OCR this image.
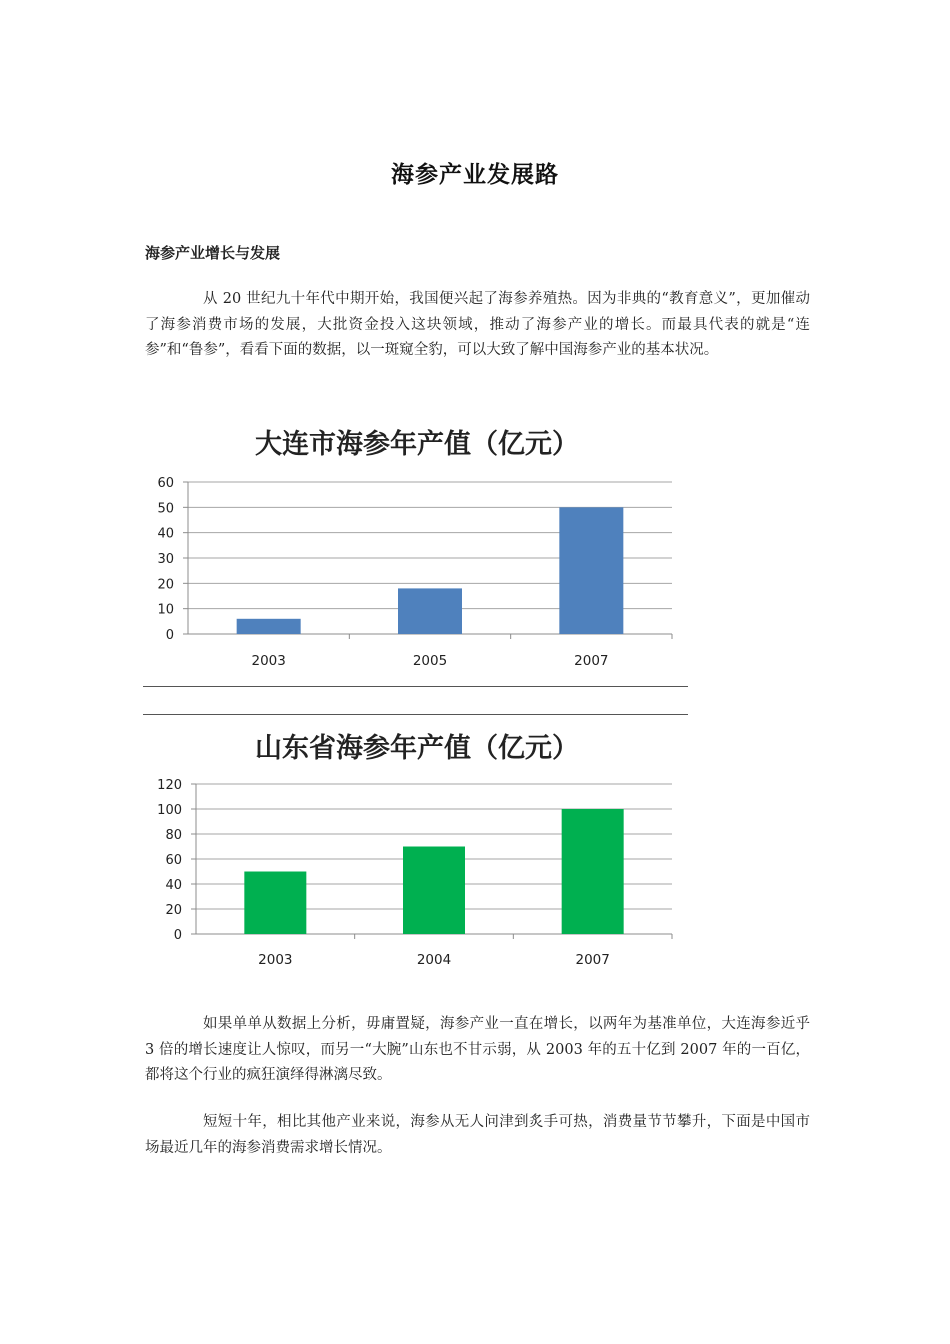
海参产业发展路
海参产业增长与发展

从 20 世纪九十年代中期开始，我国便兴起了海参养殖热。因为非典的“教育意义”，更加催动了海参消费市场的发展，大批资金投入这块领域，推动了海参产业的增长。而最具代表的就是“连参”和“鲁参”，看看下面的数据，以一斑窥全豹，可以大致了解中国海参产业的基本状况。

大连市海参年产值（亿元）
0
10
20
30
40
50
60
2003	2005	2007
山东省海参年产值（亿元）
0
20
40
60
80
100
120
2003	2004	2007

如果单单从数据上分析，毋庸置疑，海参产业一直在增长，以两年为基准单位，大连海参近乎 3 倍的增长速度让人惊叹，而另一“大腕”山东也不甘示弱，从 2003 年的五十亿到 2007 年的一百亿，都将这个行业的疯狂演绎得淋漓尽致。

短短十年，相比其他产业来说，海参从无人问津到炙手可热，消费量节节攀升，下面是中国市场最近几年的海参消费需求增长情况。
